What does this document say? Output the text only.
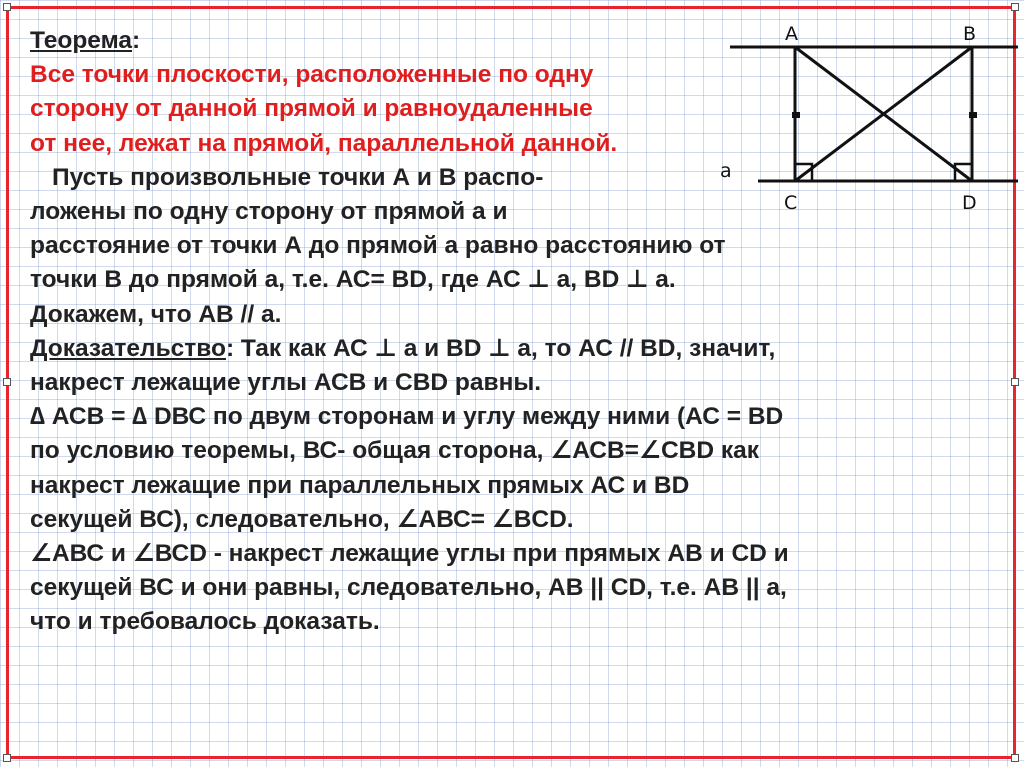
A	B
C	D
a
Теорема:
Все точки плоскости, расположенные по одну
сторону от данной прямой и равноудаленные
от нее, лежат на прямой, параллельной данной.
Пусть произвольные точки А и В распо-
ложены по одну сторону от прямой а и
расстояние от точки А до прямой а равно расстоянию от
точки В до прямой а, т.е. АС= ВD, где АС ⊥ а, BD ⊥ а.
Докажем, что АВ // а.
Доказательство: Так как АС ⊥ а и ВD ⊥ а, то АС // ВD, значит,
накрест лежащие углы АСВ и СВD равны.
∆ АСВ = ∆ DВС по двум сторонам и углу между ними (АС = ВD
по условию теоремы, ВС- общая сторона, ∠АСВ=∠СВD как
накрест лежащие при параллельных прямых АС и BD
секущей ВС), следовательно, ∠АВС= ∠BCD.
∠АВС и ∠ВСD - накрест лежащие углы при прямых АВ и CD и
секущей ВС и они равны, следовательно, АВ || СD, т.е. АВ || а,
что и требовалось доказать.
